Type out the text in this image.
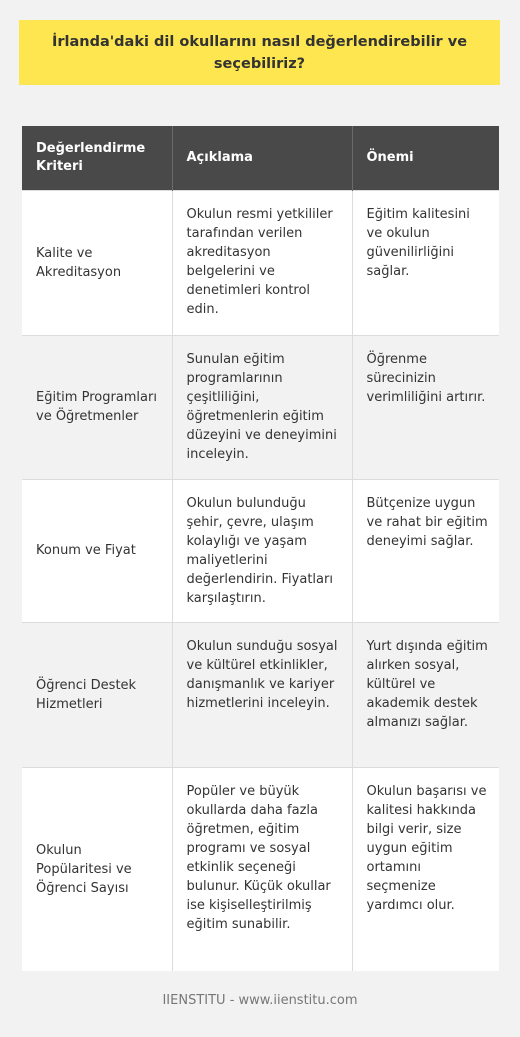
İrlanda'daki dil okullarını nasıl değerlendirebilir ve seçebiliriz?
Değerlendirme Kriteri	Açıklama	Önemi
Kalite ve Akreditasyon	Okulun resmi yetkililer tarafından verilen akreditasyon belgelerini ve denetimleri kontrol edin.	Eğitim kalitesini ve okulun güvenilirliğini sağlar.
Eğitim Programları ve Öğretmenler	Sunulan eğitim programlarının çeşitliliğini, öğretmenlerin eğitim düzeyini ve deneyimini inceleyin.	Öğrenme sürecinizin verimliliğini artırır.
Konum ve Fiyat	Okulun bulunduğu şehir, çevre, ulaşım kolaylığı ve yaşam maliyetlerini değerlendirin. Fiyatları karşılaştırın.	Bütçenize uygun ve rahat bir eğitim deneyimi sağlar.
Öğrenci Destek Hizmetleri	Okulun sunduğu sosyal ve kültürel etkinlikler, danışmanlık ve kariyer hizmetlerini inceleyin.	Yurt dışında eğitim alırken sosyal, kültürel ve akademik destek almanızı sağlar.
Okulun Popülaritesi ve Öğrenci Sayısı	Popüler ve büyük okullarda daha fazla öğretmen, eğitim programı ve sosyal etkinlik seçeneği bulunur. Küçük okullar ise kişiselleştirilmiş eğitim sunabilir.	Okulun başarısı ve kalitesi hakkında bilgi verir, size uygun eğitim ortamını seçmenize yardımcı olur.
IIENSTITU - www.iienstitu.com
